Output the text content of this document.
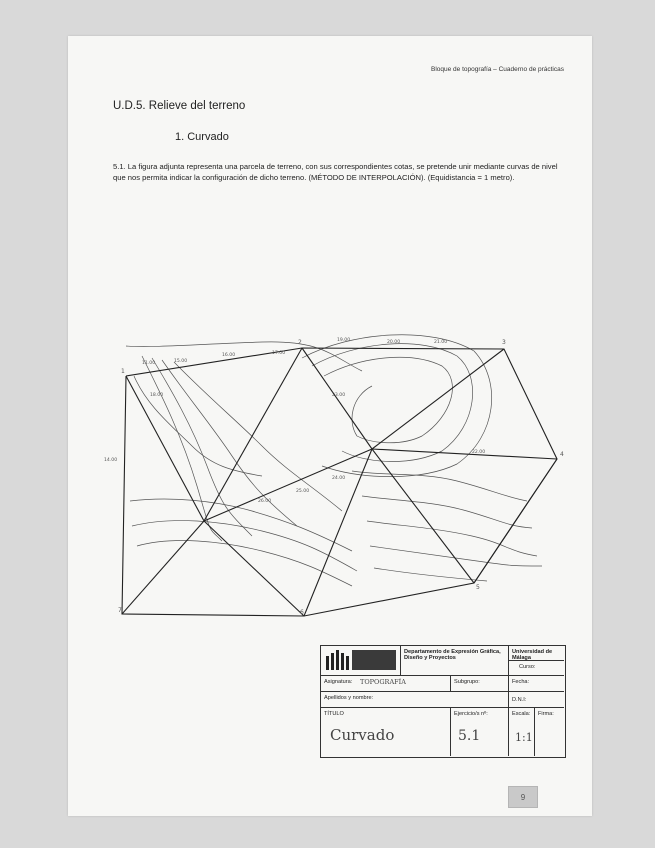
Bloque de topografía – Cuaderno de prácticas
U.D.5. Relieve del terreno
1. Curvado
5.1. La figura adjunta representa una parcela de terreno, con sus correspondientes cotas, se pretende unir mediante curvas de nivel que nos permita indicar la configuración de dicho terreno. (MÉTODO DE INTERPOLACIÓN). (Equidistancia = 1 metro).
1
2	3
4
5
6
7
11.00
14.00
15.00
16.00	17.00
18.00
19.00	20.00	21.00
22.00
23.00
24.00
25.00
26.00
Departamento de Expresión Gráfica, Diseño y Proyectos
Universidad de Málaga
Curso:
Asignatura:	TOPOGRAFÍA	Subgrupo:	Fecha:
Apellidos y nombre:	D.N.I:
TÍTULO
Curvado
Ejercicio/s nº:
5.1
Escala:
1:1
Firma:
9
